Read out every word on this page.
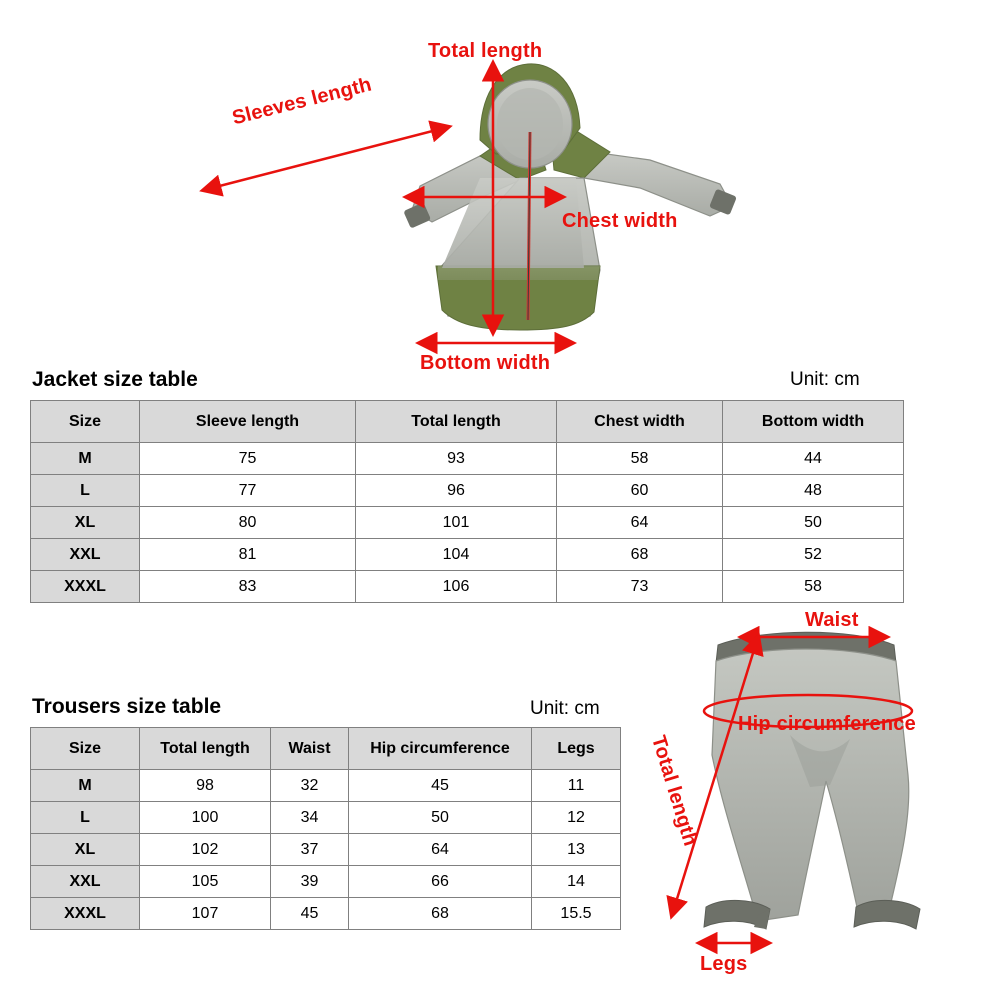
Total length
Sleeves length
Chest width
Bottom width
Jacket size table	Unit: cm
Size	Sleeve length	Total length	Chest width	Bottom width
M	75	93	58	44
L	77	96	60	48
XL	80	101	64	50
XXL	81	104	68	52
XXXL	83	106	73	58
Trousers size table	Unit: cm
Size	Total length	Waist	Hip circumference	Legs
M	98	32	45	11
L	100	34	50	12
XL	102	37	64	13
XXL	105	39	66	14
XXXL	107	45	68	15.5
Waist
Hip circumference
Total length
Legs
